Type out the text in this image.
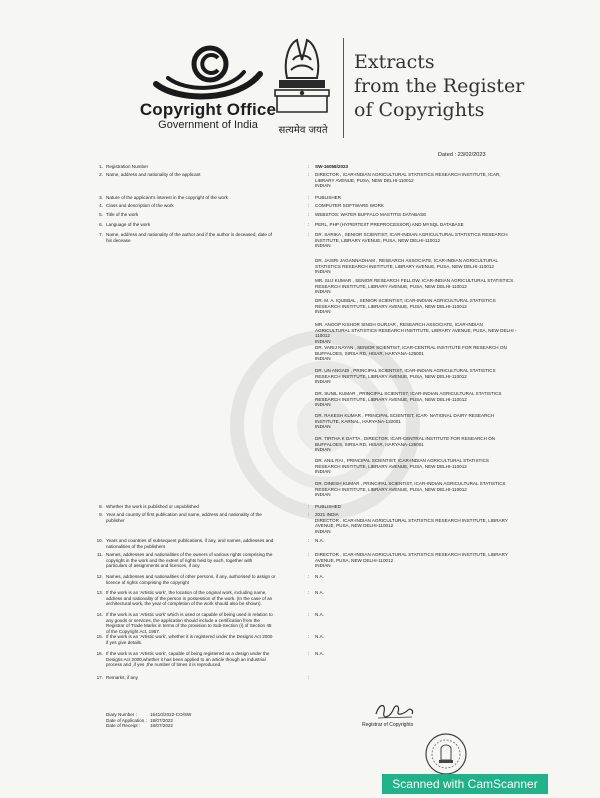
Copyright Office
Government of India	सत्यमेव जयते
Extracts
from the Register
of Copyrights
Dated : 23/02/2023
1. Registration Number	: SW-16058/2023
2. Name, address and nationality of the applicant	: DIRECTOR , ICAR-INDIAN AGRICULTURAL STATISTICS RESEARCH INSTITUTE, ICAR,
LIBRARY AVENUE, PUSA, NEW DELHI-110012
INDIAN
3. Nature of the applicant's interest in the copyright of the work	: PUBLISHER
4. Class and description of the work	: COMPUTER SOFTWARE WORK
5. Title of the work	: WEBSTOS: WATER BUFFALO MASTITIS DATABASE
6. Language of the work	: PERL, PHP (HYPERTEXT PREPROCESSOR) AND MYSQL DATABASE
7. Name, address and nationality of the author and if the author is deceased, date of
his decease
: DR. SARIKA , SENIOR SCIENTIST, ICAR-INDIAN AGRICULTURAL STATISTICS RESEARCH
INSTITUTE, LIBRARY AVENUE, PUSA, NEW DELHI-110012
INDIAN
DR. JAISRI JAGANNADHAM , RESEARCH ASSOCIATE, ICAR-INDIAN AGRICULTURAL
STATISTICS RESEARCH INSTITUTE, LIBRARY AVENUE, PUSA, NEW DELHI-110012
INDIAN
MR. SUJ KUMAR , SENIOR RESEARCH FELLOW, ICAR-INDIAN AGRICULTURAL STATISTICS
RESEARCH INSTITUTE, LIBRARY AVENUE, PUSA, NEW DELHI-110012
INDIAN
DR. M. A. IQUEBAL , SENIOR SCIENTIST, ICAR-INDIAN AGRICULTURAL STATISTICS
RESEARCH INSTITUTE, LIBRARY AVENUE, PUSA, NEW DELHI-110012
INDIAN
MR. ANOOP KISHOR SINGH GURJAR , RESEARCH ASSOCIATE, ICAR-INDIAN
AGRICULTURAL STATISTICS RESEARCH INSTITUTE, LIBRARY AVENUE, PUSA, NEW DELHI -
110012
INDIAN
DR. VARIJ NAYAN , SENIOR SCIENTIST, ICAR-CENTRAL INSTITUTE FOR RESEARCH ON
BUFFALOES, SIRSA RD, HISAR, HARYANA-125001
INDIAN
DR. UN ANGADI , PRINCIPAL SCIENTIST, ICAR-INDIAN AGRICULTURAL STATISTICS
RESEARCH INSTITUTE, LIBRARY AVENUE, PUSA, NEW DELHI-110012
INDIAN
DR. SUNIL KUMAR , PRINCIPAL SCIENTIST, ICAR-INDIAN AGRICULTURAL STATISTICS
RESEARCH INSTITUTE, LIBRARY AVENUE, PUSA, NEW DELHI-110012
INDIAN
DR. RAKESH KUMAR , PRINCIPAL SCIENTIST, ICAR- NATIONAL DAIRY RESEARCH
INSTITUTE, KARNAL, HARYANA-132001
INDIAN
DR. TIRTHA K DATTA , DIRECTOR, ICAR-CENTRAL INSTITUTE FOR RESEARCH ON
BUFFALOES, SIRSA RD, HISAR, HARYANA-125001
INDIAN
DR. ANIL RAI , PRINCIPAL SCIENTIST, ICAR-INDIAN AGRICULTURAL STATISTICS
RESEARCH INSTITUTE, LIBRARY AVENUE, PUSA, NEW DELHI-110012
INDIAN
DR. DINESH KUMAR , PRINCIPAL SCIENTIST, ICAR-INDIAN AGRICULTURAL STATISTICS
RESEARCH INSTITUTE, LIBRARY AVENUE, PUSA, NEW DELHI-110012
INDIAN
8. Whether the work is published or unpublished	: PUBLISHED
9. Year and country of first publication and name, address and nationality of the
publisher
: 2021 INDIA
DIRECTOR , ICAR-INDIAN AGRICULTURAL STATISTICS RESEARCH INSTITUTE, LIBRARY
AVENUE, PUSA, NEW DELHI-110012
INDIAN
10. Years and countries of subsequent publications, if any, and names, addresses and
nationalities of the publishers
: N.A.
11. Names, addresses and nationalities of the owners of various rights comprising the
copyright in the work and the extent of rights held by each, together with
particulars of assignments and licences, if any
: DIRECTOR , ICAR-INDIAN AGRICULTURAL STATISTICS RESEARCH INSTITUTE, LIBRARY
AVENUE, PUSA, NEW DELHI-110012
INDIAN
12. Names, addresses and nationalities of other persons, if any, authorised to assign or
licence of rights comprising the copyright
: N.A.
13. If the work is an 'Artistic work', the location of the original work, including name,
address and nationality of the person in possession of the work. (In the case of an
architectural work, the year of completion of the work should also be shown).
: N.A.
14. If the work is an 'Artistic work' which is used or capable of being used in relation to
any goods or services, the application should include a certification from the
Registrar of Trade Marks in terms of the provision to Sub-Section (i) of Section 45
of the Copyright Act, 1957.
: N.A.
15. If the work is an 'Artistic work', whether it is registered under the Designs Act 2000
if yes give details.
: N.A.
16. If the work is an 'Artistic work', capable of being registered as a design under the
Designs Act 2000,whether it has been applied to an article though an industrial
process and ,if yes ,the number of times it is reproduced.
: N.A.
17. Remarks, if any	:
Diary Number :	15410/2022-CO/SW
Date of Application : 18/07/2022
Date of Receipt : 18/07/2022	Registrar of Copyrights
Scanned with CamScanner
